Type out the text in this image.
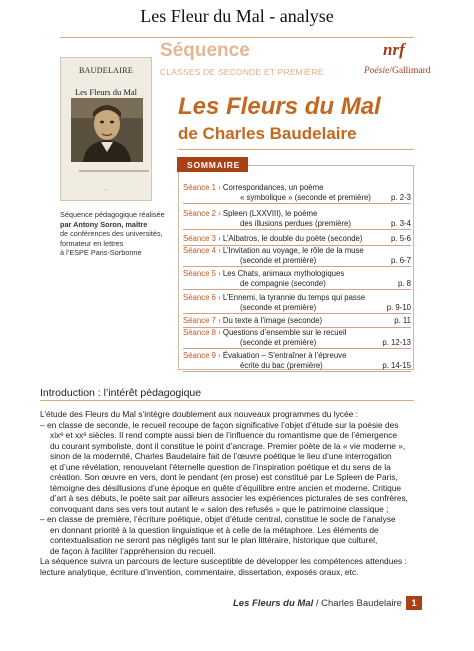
Les Fleur du Mal - analyse
Séquence
CLASSES DE SECONDE ET PREMIÈRE
nrf
Poésie/Gallimard
BAUDELAIRE
Les Fleurs du Mal
—
Séquence pédagogique réalisée
par Antony Soron, maître
de conférences des universités,
formateur en lettres
à l’ESPE Paris-Sorbonne
Les Fleurs du Mal
de Charles Baudelaire
SOMMAIRE
Séance 1 › Correspondances, un poème
« symbolique » (seconde et première)	p. 2-3
Séance 2 › Spleen (LXXVIII), le poème
des illusions perdues (première)	p. 3-4
Séance 3 › L’Albatros, le double du poète (seconde)	p. 5-6
Séance 4 › L’Invitation au voyage, le rôle de la muse
(seconde et première)	p. 6-7
Séance 5 › Les Chats, animaux mythologiques
de compagnie (seconde)	p. 8
Séance 6 › L’Ennemi, la tyrannie du temps qui passe
(seconde et première)	p. 9-10
Séance 7 › Du texte à l’image (seconde)	p. 11
Séance 8 › Questions d’ensemble sur le recueil
(seconde et première)	p. 12-13
Séance 9 › Évaluation – S’entraîner à l’épreuve
écrite du bac (première)	p. 14-15
Introduction : l’intérêt pédagogique

L’étude des Fleurs du Mal s’intègre doublement aux nouveaux programmes du lycée :

– en classe de seconde, le recueil recoupe de façon significative l’objet d’étude sur la poésie des

xixᵉ et xxᵉ siècles. Il rend compte aussi bien de l’influence du romantisme que de l’émergence

du courant symboliste, dont il constitue le point d’ancrage. Premier poète de la « vie moderne »,

sinon de la modernité, Charles Baudelaire fait de l’œuvre poétique le lieu d’une interrogation

et d’une révélation, renouvelant l’éternelle question de l’inspiration poétique et du sens de la

création. Son œuvre en vers, dont le pendant (en prose) est constitué par Le Spleen de Paris,

témoigne des désillusions d’une époque en quête d’équilibre entre ancien et moderne. Critique

d’art à ses débuts, le poète sait par ailleurs associer les expériences picturales de ses confrères,

convoquant dans ses vers tout autant le « salon des refusés » que le patrimoine classique ;

– en classe de première, l’écriture poétique, objet d’étude central, constitue le socle de l’analyse

en donnant priorité à la question linguistique et à celle de la métaphore. Les éléments de

contextualisation ne seront pas négligés tant sur le plan littéraire, historique que culturel,

de façon à faciliter l’appréhension du recueil.

La séquence suivra un parcours de lecture susceptible de développer les compétences attendues :

lecture analytique, écriture d’invention, commentaire, dissertation, exposés oraux, etc.

Les Fleurs du Mal / Charles Baudelaire	1
